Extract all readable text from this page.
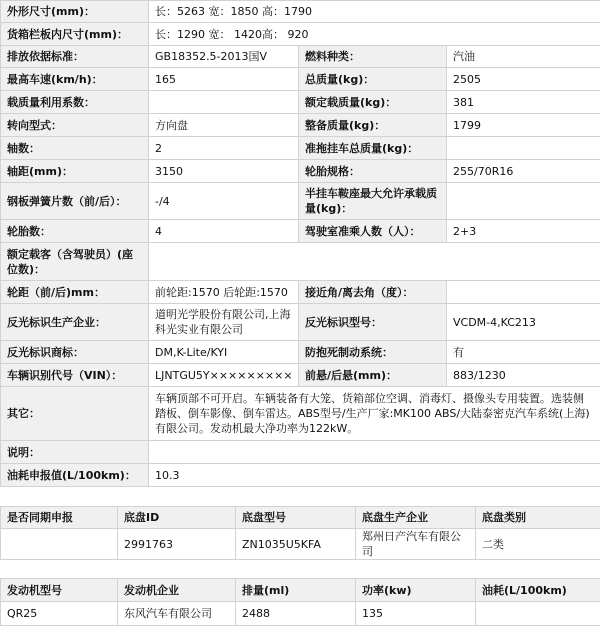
外形尺寸(mm)：	长：5263 宽：1850 高：1790		
货箱栏板内尺寸(mm)：	长：1290 宽： 1420高： 920		
排放依据标准：	GB18352.5-2013国Ⅴ	燃料种类：	汽油
最高车速(km/h)：	165	总质量(kg)：	2505
载质量利用系数：		额定载质量(kg)：	381
转向型式：	方向盘	整备质量(kg)：	1799
轴数：	2	准拖挂车总质量(kg)：	
轴距(mm)：	3150	轮胎规格：	255/70R16
钢板弹簧片数（前/后）：	-/4	半挂车鞍座最大允许承载质量(kg)：	
轮胎数：	4	驾驶室准乘人数（人）：	2+3
额定载客（含驾驶员）(座位数)：			
轮距（前/后)mm：	前轮距:1570 后轮距:1570	接近角/离去角（度）：	
反光标识生产企业：	道明光学股份有限公司,上海科光实业有限公司	反光标识型号：	VCDM-4,KC213
反光标识商标：	DM,K-Lite/KYI	防抱死制动系统：	有
车辆识别代号（VIN）：	LJNTGU5Y×××××××××	前悬/后悬(mm)：	883/1230
其它：	车辆顶部不可开启。车辆装备有大笼、货箱部位空调、消毒灯、摄像头专用装置。选装侧踏板、倒车影像、倒车雷达。ABS型号/生产厂家:MK100 ABS/大陆泰密克汽车系统(上海)有限公司。发动机最大净功率为122kW。		
说明：			
油耗申报值(L/100km)：	10.3		
是否同期申报	底盘ID	底盘型号	底盘生产企业	底盘类别
	2991763	ZN1035U5KFA	郑州日产汽车有限公司	二类
发动机型号	发动机企业	排量(ml)	功率(kw)	油耗(L/100km)
QR25	东风汽车有限公司	2488	135	
